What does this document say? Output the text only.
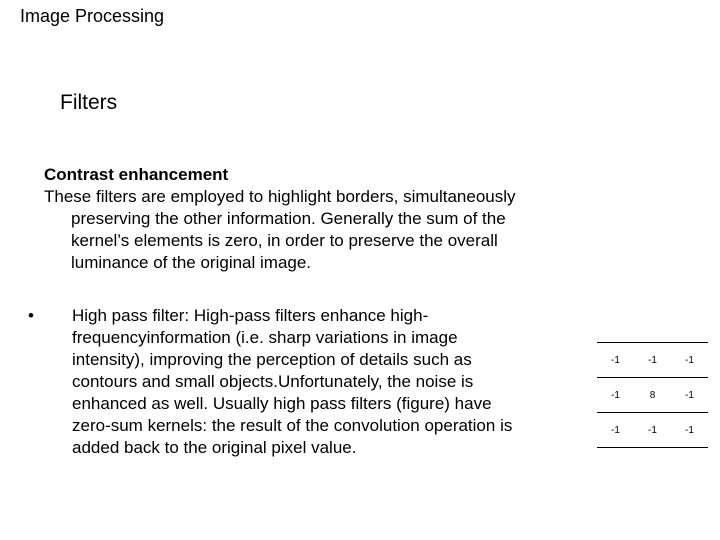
Image Processing
Filters

Contrast enhancement

These filters are employed to highlight borders, simultaneously preserving the other information. Generally the sum of the kernel’s elements is zero, in order to preserve the overall luminance of the original image.

•	High pass filter: High-pass filters enhance high-frequencyinformation (i.e. sharp variations in image intensity), improving the perception of details such as contours and small objects.Unfortunately, the noise is enhanced as well. Usually high pass filters (figure) have zero-sum kernels: the result of the convolution operation is added back to the original pixel value.
-1	-1	-1
-1	8	-1
-1	-1	-1
